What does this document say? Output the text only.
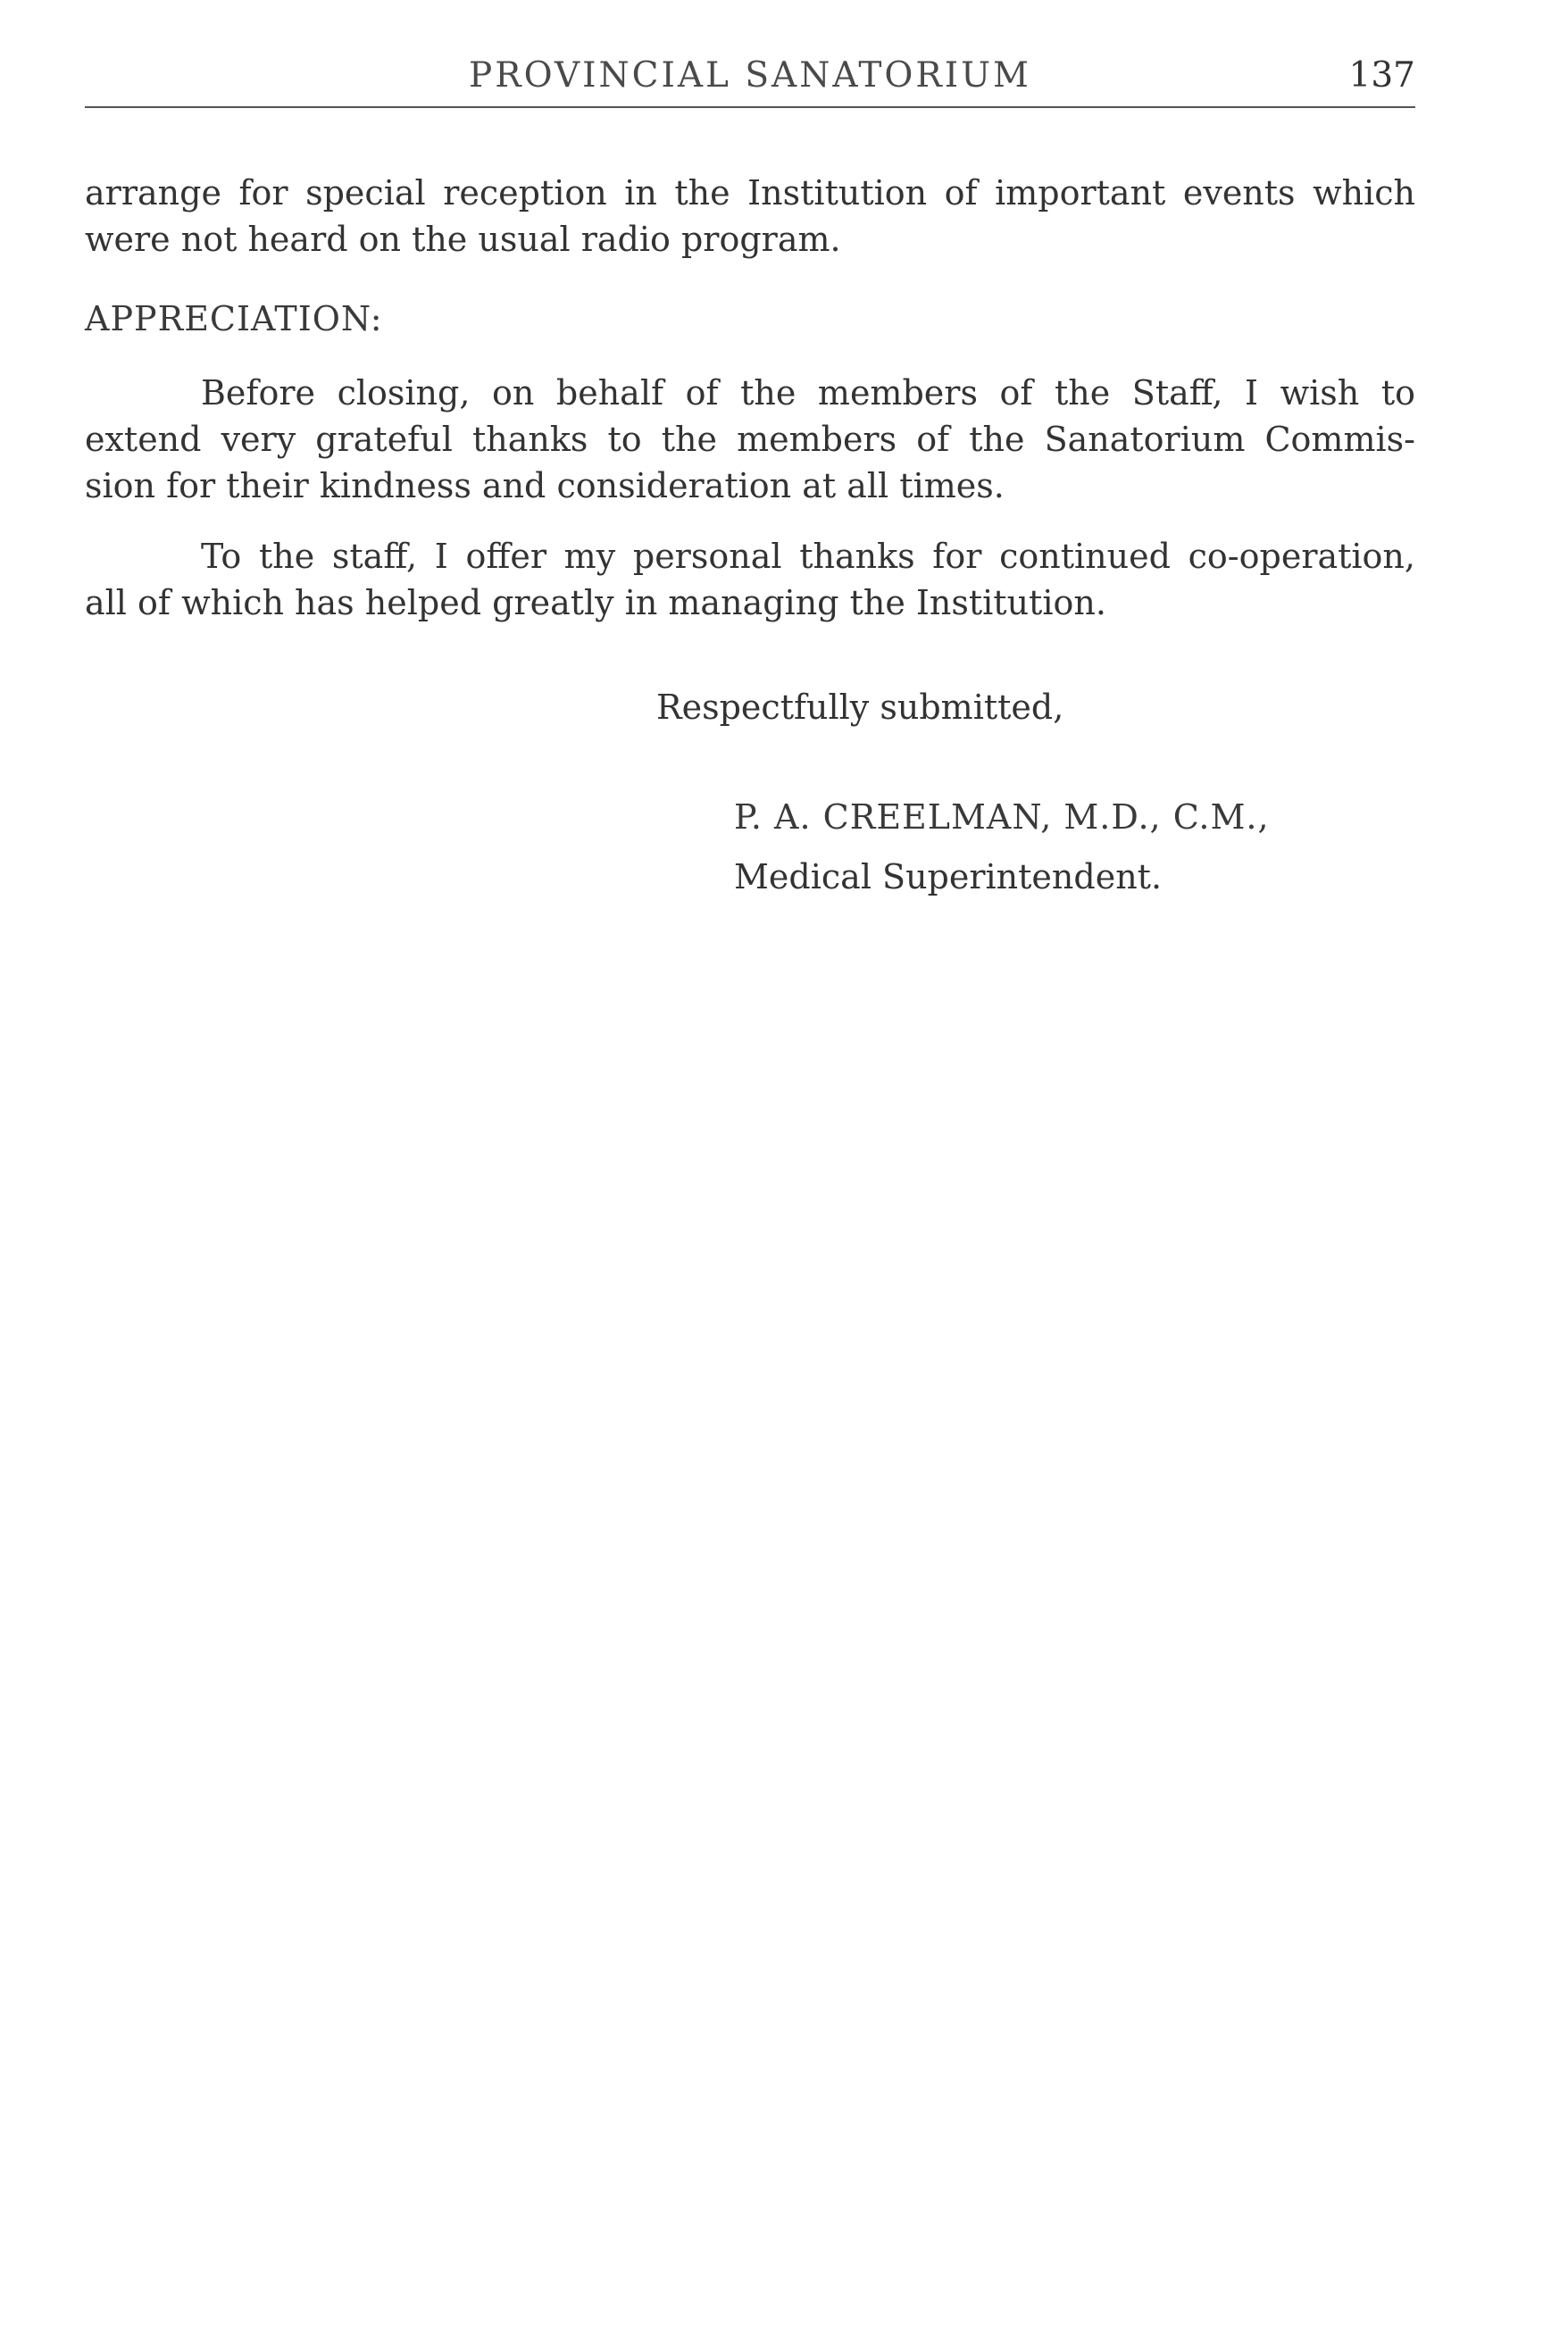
PROVINCIAL SANATORIUM	137
arrange for special reception in the Institution of important events which
were not heard on the usual radio program.
APPRECIATION:
Before closing, on behalf of the members of the Staff, I wish to
extend very grateful thanks to the members of the Sanatorium Commis-
sion for their kindness and consideration at all times.
To the staff, I offer my personal thanks for continued co-operation,
all of which has helped greatly in managing the Institution.
Respectfully submitted,
P. A. CREELMAN, M.D., C.M.,
Medical Superintendent.
